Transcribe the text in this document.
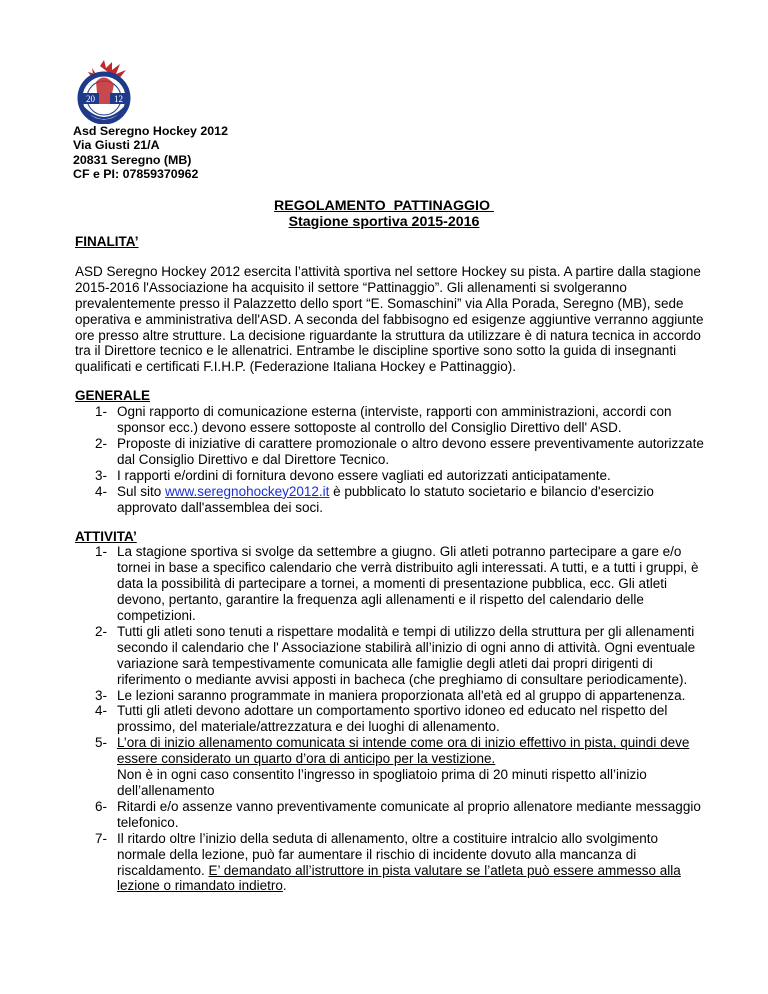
20 12
Asd Seregno Hockey 2012
Via Giusti 21/A
20831 Seregno (MB)
CF e PI: 07859370962
REGOLAMENTO  PATTINAGGIO
Stagione sportiva 2015-2016

FINALITA’

ASD Seregno Hockey 2012 esercita l’attività sportiva nel settore Hockey su pista. A partire dalla stagione 2015-2016 l'Associazione ha acquisito il settore “Pattinaggio”. Gli allenamenti si svolgeranno prevalentemente presso il Palazzetto dello sport “E. Somaschini” via Alla Porada, Seregno (MB), sede operativa e amministrativa dell'ASD. A seconda del fabbisogno ed esigenze aggiuntive verranno aggiunte ore presso altre strutture. La decisione riguardante la struttura da utilizzare è di natura tecnica in accordo tra il Direttore tecnico e le allenatrici. Entrambe le discipline sportive sono sotto la guida di insegnanti qualificati e certificati F.I.H.P. (Federazione Italiana Hockey e Pattinaggio).

GENERALE

1- Ogni rapporto di comunicazione esterna (interviste, rapporti con amministrazioni, accordi con sponsor ecc.) devono essere sottoposte al controllo del Consiglio Direttivo dell' ASD.
2- Proposte di iniziative di carattere promozionale o altro devono essere preventivamente autorizzate dal Consiglio Direttivo e dal Direttore Tecnico.
3- I rapporti e/ordini di fornitura devono essere vagliati ed autorizzati anticipatamente.
4- Sul sito www.seregnohockey2012.it è pubblicato lo statuto societario e bilancio d'esercizio approvato dall'assemblea dei soci.

ATTIVITA’

1- La stagione sportiva si svolge da settembre a giugno. Gli atleti potranno partecipare a gare e/o tornei in base a specifico calendario che verrà distribuito agli interessati. A tutti, e a tutti i gruppi, è data la possibilità di partecipare a tornei, a momenti di presentazione pubblica, ecc. Gli atleti devono, pertanto, garantire la frequenza agli allenamenti e il rispetto del calendario delle competizioni.
2- Tutti gli atleti sono tenuti a rispettare modalità e tempi di utilizzo della struttura per gli allenamenti secondo il calendario che l' Associazione stabilirà all’inizio di ogni anno di attività. Ogni eventuale variazione sarà tempestivamente comunicata alle famiglie degli atleti dai propri dirigenti di riferimento o mediante avvisi apposti in bacheca (che preghiamo di consultare periodicamente).
3- Le lezioni saranno programmate in maniera proporzionata all'età ed al gruppo di appartenenza.
4- Tutti gli atleti devono adottare un comportamento sportivo idoneo ed educato nel rispetto del prossimo, del materiale/attrezzatura e dei luoghi di allenamento.
5- L’ora di inizio allenamento comunicata si intende come ora di inizio effettivo in pista, quindi deve essere considerato un quarto d’ora di anticipo per la vestizione.
Non è in ogni caso consentito l’ingresso in spogliatoio prima di 20 minuti rispetto all’inizio dell’allenamento
6- Ritardi e/o assenze vanno preventivamente comunicate al proprio allenatore mediante messaggio telefonico.
7- Il ritardo oltre l’inizio della seduta di allenamento, oltre a costituire intralcio allo svolgimento normale della lezione, può far aumentare il rischio di incidente dovuto alla mancanza di riscaldamento. E’ demandato all’istruttore in pista valutare se l’atleta può essere ammesso alla lezione o rimandato indietro.
